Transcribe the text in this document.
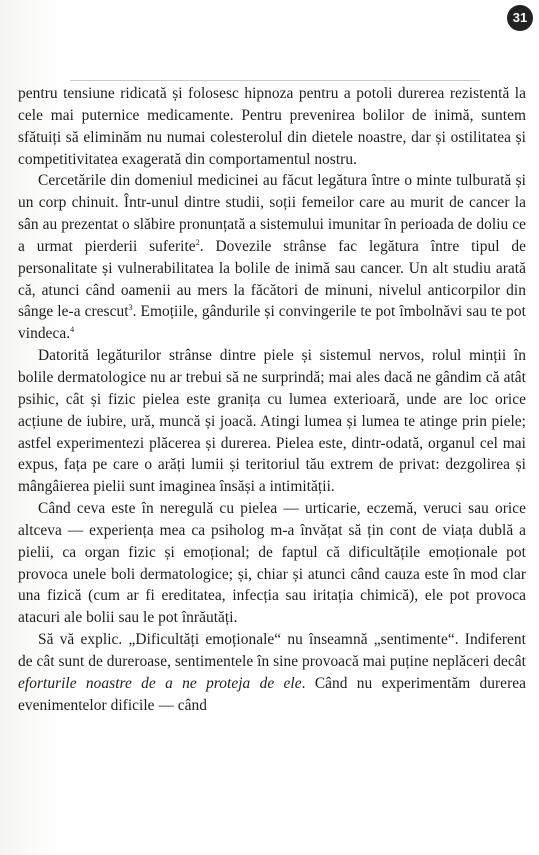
31

pentru tensiune ridicată și folosesc hipnoza pentru a potoli durerea rezistentă la cele mai puternice medicamente. Pentru prevenirea bolilor de inimă, suntem sfătuiți să eliminăm nu numai colesterolul din dietele noastre, dar și ostilitatea și competitivitatea exagerată din comportamentul nostru.

Cercetările din domeniul medicinei au făcut legătura între o minte tulburată și un corp chinuit. Într-unul dintre studii, soții femeilor care au murit de cancer la sân au prezentat o slăbire pronunțată a sistemului imunitar în perioada de doliu ce a urmat pierderii suferite$^2$. Dovezile strânse fac legătura între tipul de personalitate și vulnerabilitatea la bolile de inimă sau cancer. Un alt studiu arată că, atunci când oamenii au mers la făcători de minuni, nivelul anticorpilor din sânge le-a crescut$^3$. Emoțiile, gândurile și convingerile te pot îmbolnăvi sau te pot vindeca.$^4$

Datorită legăturilor strânse dintre piele și sistemul nervos, rolul minții în bolile dermatologice nu ar trebui să ne surprindă; mai ales dacă ne gândim că atât psihic, cât și fizic pielea este granița cu lumea exterioară, unde are loc orice acțiune de iubire, ură, muncă și joacă. Atingi lumea și lumea te atinge prin piele; astfel experimentezi plăcerea și durerea. Pielea este, dintr-odată, organul cel mai expus, fața pe care o arăți lumii și teritoriul tău extrem de privat: dezgolirea și mângâierea pielii sunt imaginea însăși a intimității.

Când ceva este în neregulă cu pielea — urticarie, eczemă, veruci sau orice altceva — experiența mea ca psiholog m-a învățat să țin cont de viața dublă a pielii, ca organ fizic și emoțional; de faptul că dificultățile emoționale pot provoca unele boli dermatologice; și, chiar și atunci când cauza este în mod clar una fizică (cum ar fi ereditatea, infecția sau iritația chimică), ele pot provoca atacuri ale bolii sau le pot înrăutăți.

Să vă explic. „Dificultăți emoționale“ nu înseamnă „sentimente“. Indiferent de cât sunt de dureroase, sentimentele în sine provoacă mai puține neplăceri decât eforturile noastre de a ne proteja de ele. Când nu experimentăm durerea evenimentelor dificile — când
